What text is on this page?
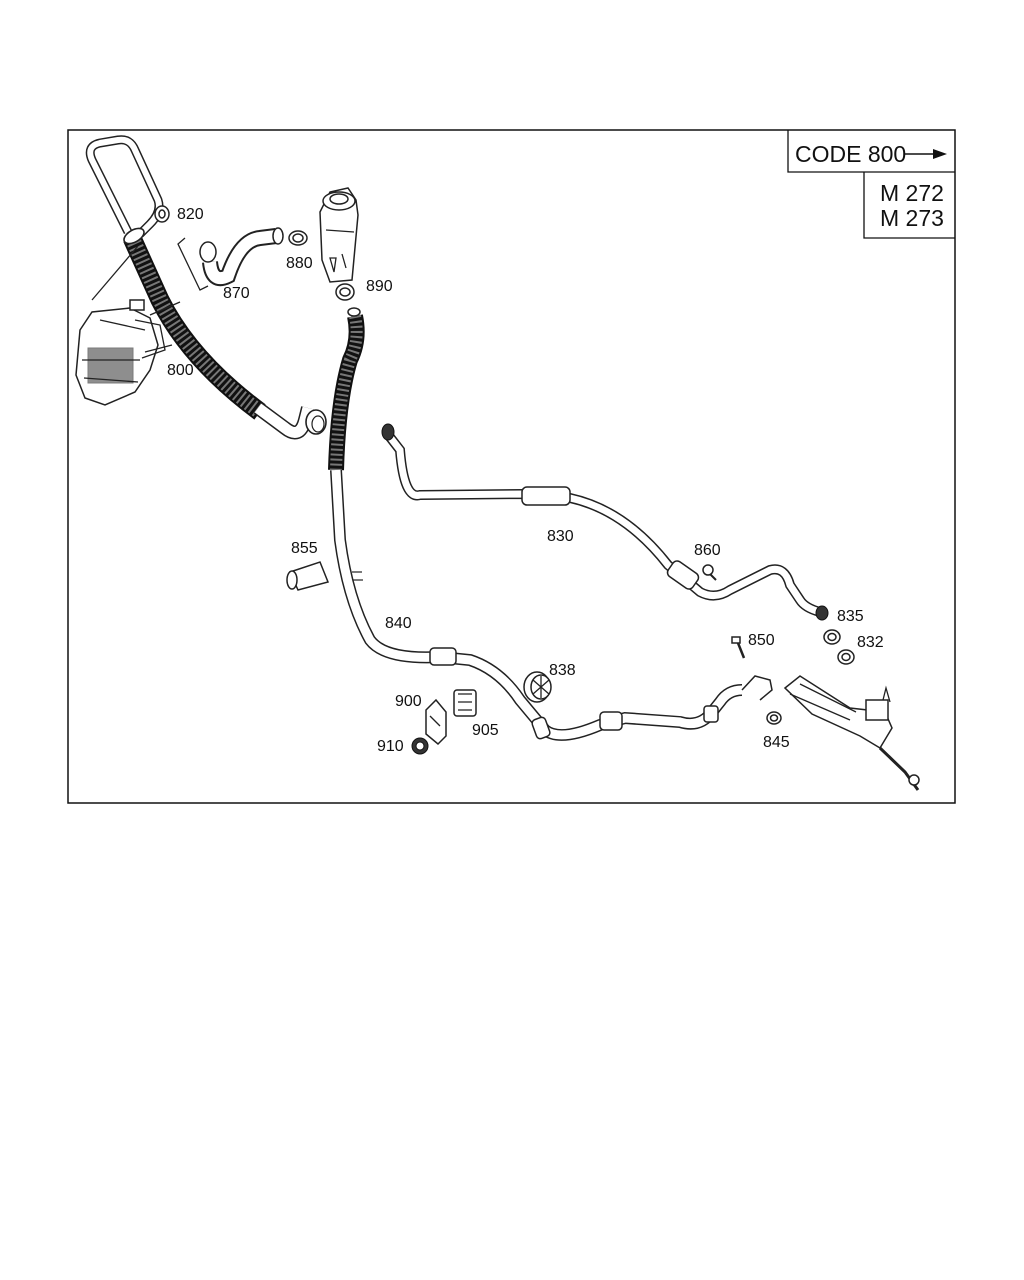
CODE 800
M 272
M 273
820
880
890
870
800
830
855	860
835
840
850	832
838
900
905
845
910
